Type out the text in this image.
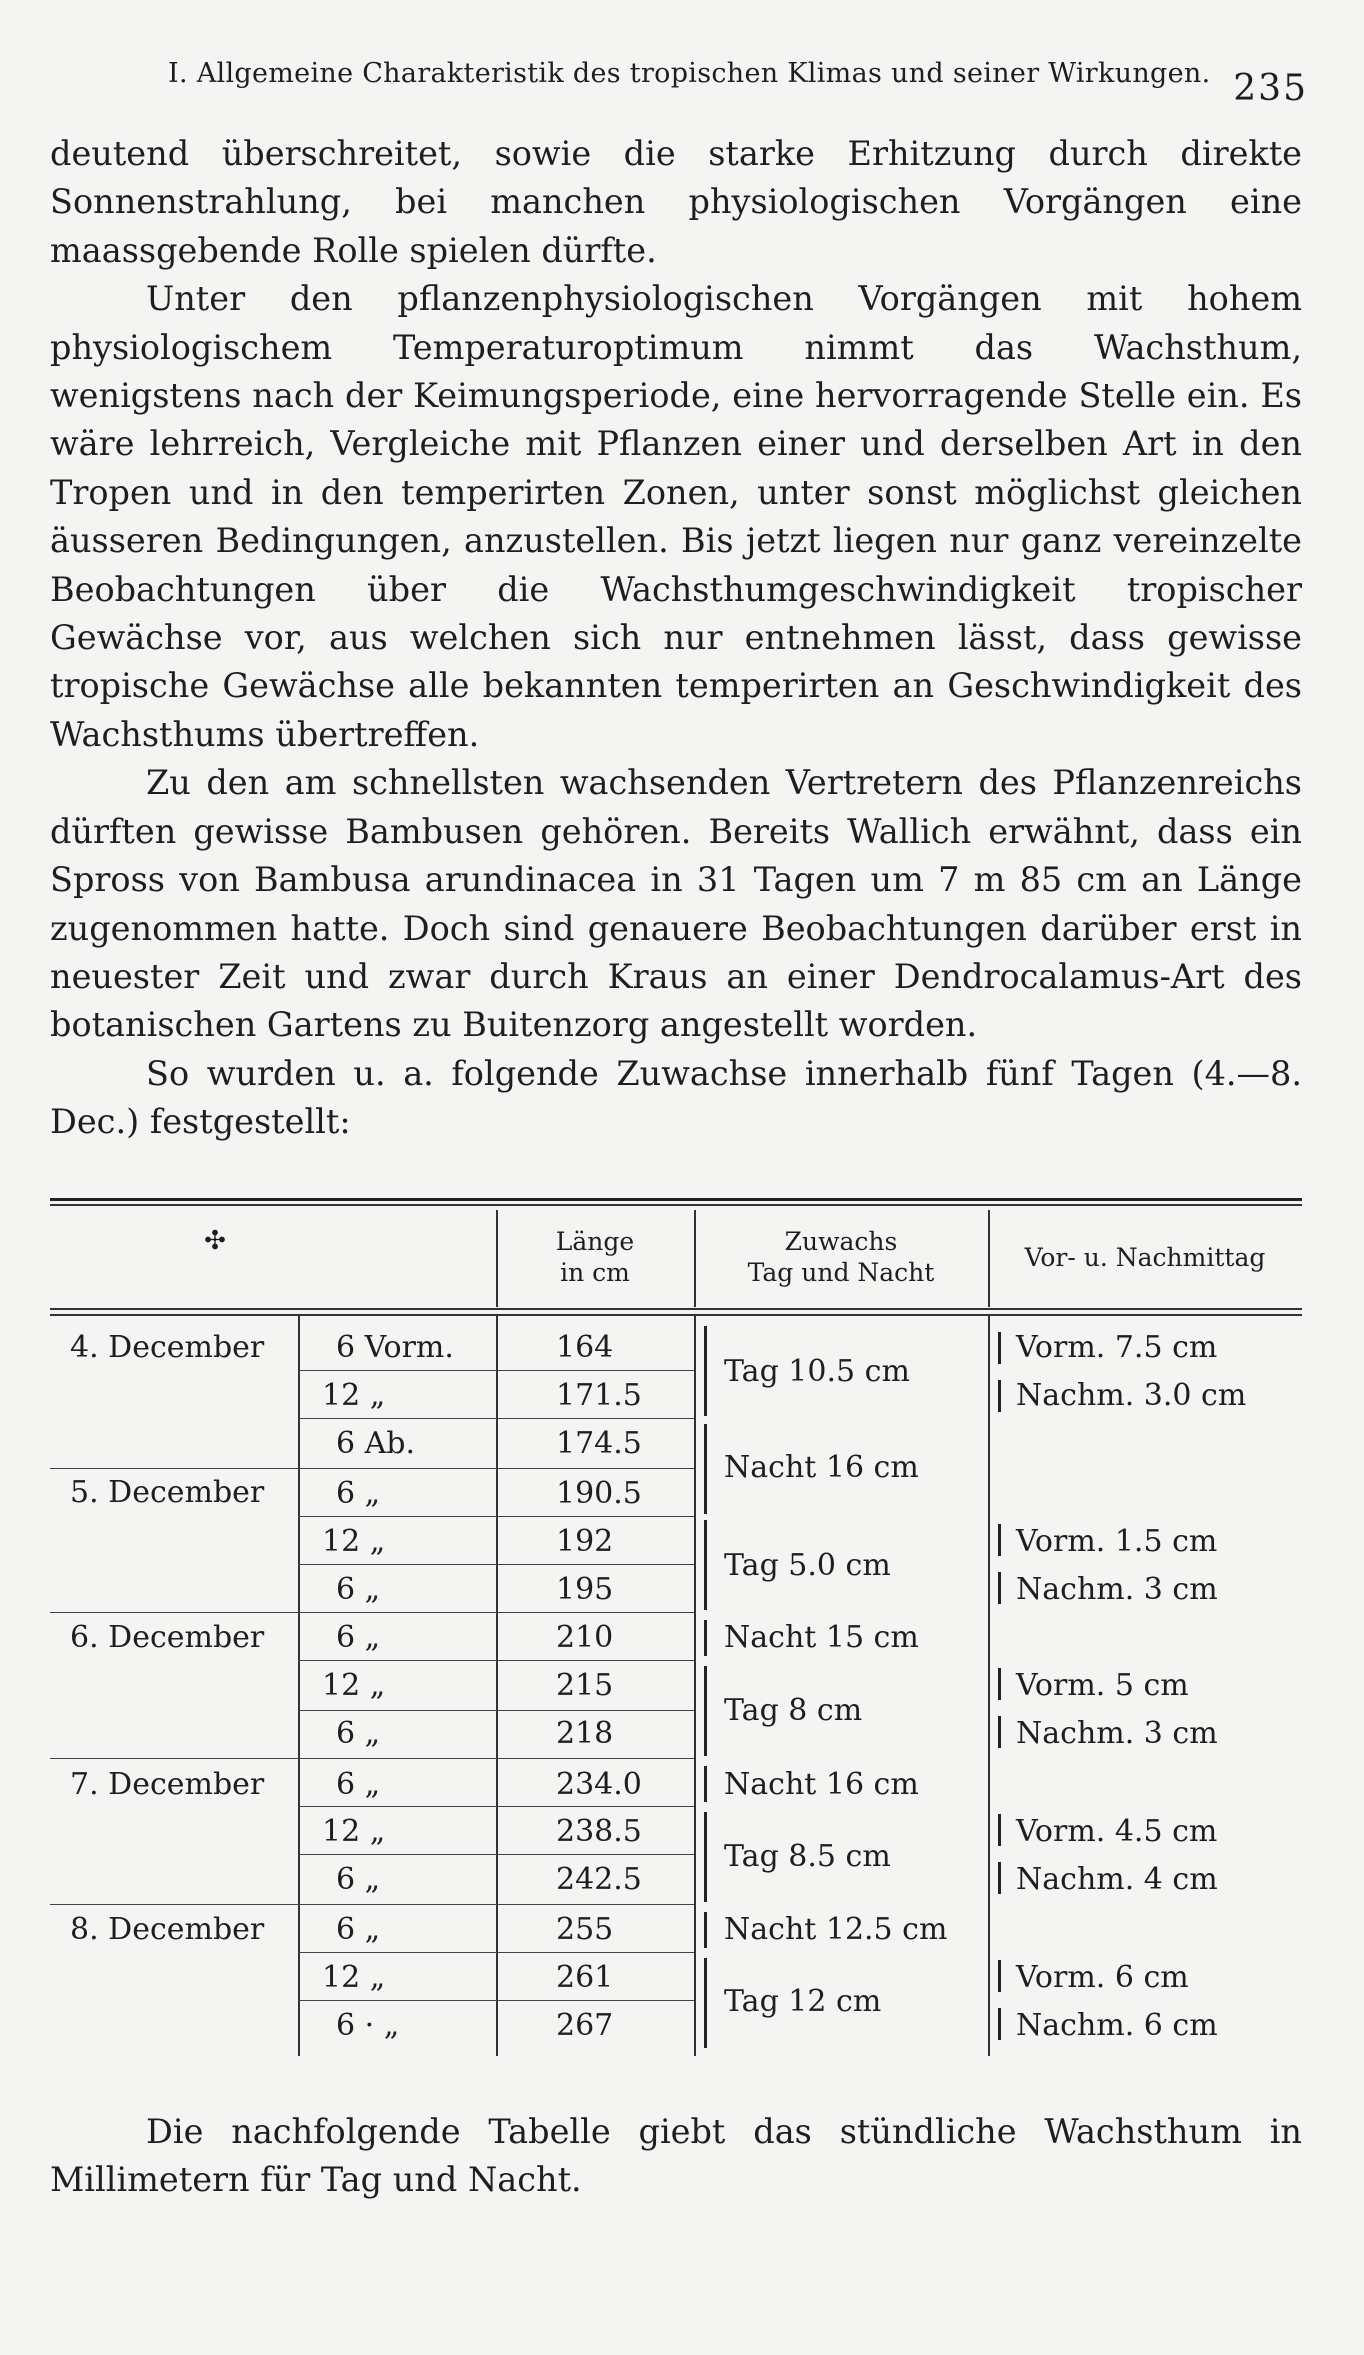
I. Allgemeine Charakteristik des tropischen Klimas und seiner Wirkungen. 235

deutend überschreitet, sowie die starke Erhitzung durch direkte Sonnenstrahlung, bei manchen physiologischen Vorgängen eine maassgebende Rolle spielen dürfte.

Unter den pflanzenphysiologischen Vorgängen mit hohem physiologischem Temperaturoptimum nimmt das Wachsthum, wenigstens nach der Keimungsperiode, eine hervorragende Stelle ein. Es wäre lehrreich, Vergleiche mit Pflanzen einer und derselben Art in den Tropen und in den temperirten Zonen, unter sonst möglichst gleichen äusseren Bedingungen, anzustellen. Bis jetzt liegen nur ganz vereinzelte Beobachtungen über die Wachsthumgeschwindigkeit tropischer Gewächse vor, aus welchen sich nur entnehmen lässt, dass gewisse tropische Gewächse alle bekannten temperirten an Geschwindigkeit des Wachsthums übertreffen.

Zu den am schnellsten wachsenden Vertretern des Pflanzenreichs dürften gewisse Bambusen gehören. Bereits Wallich erwähnt, dass ein Spross von Bambusa arundinacea in 31 Tagen um 7 m 85 cm an Länge zugenommen hatte. Doch sind genauere Beobachtungen darüber erst in neuester Zeit und zwar durch Kraus an einer Dendrocalamus-Art des botanischen Gartens zu Buitenzorg angestellt worden.

So wurden u. a. folgende Zuwachse innerhalb fünf Tagen (4.—8. Dec.) festgestellt:

✣	Länge
in cm
Zuwachs
Tag und Nacht
Vor- u. Nachmittag
4. December
5. December
6. December
7. December
8. December
6 Vorm.
12 „
6 Ab.
6 „
12 „
6 „
6 „
12 „
6 „
6 „
12 „
6 „
6 „
12 „
6 · „
164
171.5
174.5
190.5
192
195
210
215
218
234.0
238.5
242.5
255
261
267
Tag 10.5 cm
Nacht 16 cm
Tag 5.0 cm
Nacht 15 cm
Tag 8 cm
Nacht 16 cm
Tag 8.5 cm
Nacht 12.5 cm
Tag 12 cm
Vorm. 7.5 cm
Nachm. 3.0 cm
Vorm. 1.5 cm
Nachm. 3 cm
Vorm. 5 cm
Nachm. 3 cm
Vorm. 4.5 cm
Nachm. 4 cm
Vorm. 6 cm
Nachm. 6 cm

Die nachfolgende Tabelle giebt das stündliche Wachsthum in Millimetern für Tag und Nacht.
